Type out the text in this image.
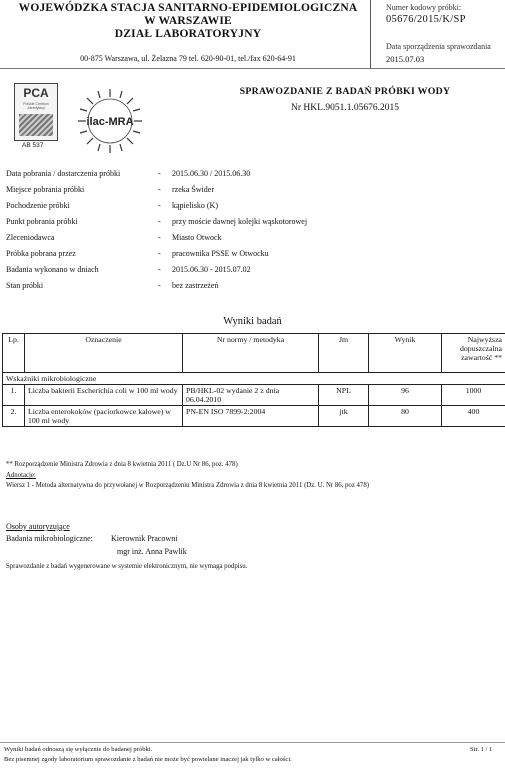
WOJEWÓDZKA STACJA SANITARNO-EPIDEMIOLOGICZNA
W WARSZAWIE
DZIAŁ LABORATORYJNY
00-875 Warszawa, ul. Żelazna 79 tel. 620-90-01, tel./fax 620-64-91
Numer kodowy próbki:
05676/2015/K/SP
Data sporządzenia sprawozdania
2015.07.03
PCA
Polskie Centrum Akredytacji
AB 537
ilac-MRA
SPRAWOZDANIE Z BADAŃ PRÓBKI WODY
Nr HKL.9051.1.05676.2015
Data pobrania / dostarczenia próbki	- 2015.06.30 / 2015.06.30
Miejsce pobrania próbki	- rzeka Świder
Pochodzenie próbki	- kąpielisko (K)
Punkt pobrania próbki	- przy moście dawnej kolejki wąskotorowej
Zleceniodawca	- Miasto Otwock
Próbka pobrana przez	- pracownika PSSE w Otwocku
Badania wykonano w dniach	- 2015.06.30 - 2015.07.02
Stan próbki	- bez zastrzeżeń
Wyniki badań
Lp.	Oznaczenie	Nr normy / metodyka	Jm	Wynik	Najwyższa dopuszczalna zawartość **
Wskaźniki mikrobiologiczne					
1.	Liczba bakterii Escherichia coli w 100 ml wody	PB/HKL-02 wydanie 2 z dnia 06.04.2010	NPL	96	1000
2.	Liczba enterokoków (paciorkowce kałowe) w 100 ml wody	PN-EN ISO 7899-2:2004	jtk	80	400
** Rozporządzenie Ministra Zdrowia z dnia 8 kwietnia 2011 ( Dz.U Nr 86, poz. 478)
Adnotacje:
Wiersz 1 - Metoda alternatywna do przywołanej w Rozporządzeniu Ministra Zdrowia z dnia 8 kwietnia 2011 (Dz. U. Nr 86, poz 478)
Osoby autoryzujące
Badania mikrobiologiczne: Kierownik Pracowni
mgr inż. Anna Pawlik
Sprawozdanie z badań wygenerowane w systemie elektronicznym, nie wymaga podpisu.
Wyniki badań odnoszą się wyłącznie do badanej próbki.
Bez pisemnej zgody laboratorium sprawozdanie z badań nie może być powielane inaczej jak tylko w całości.
Str. 1 / 1
